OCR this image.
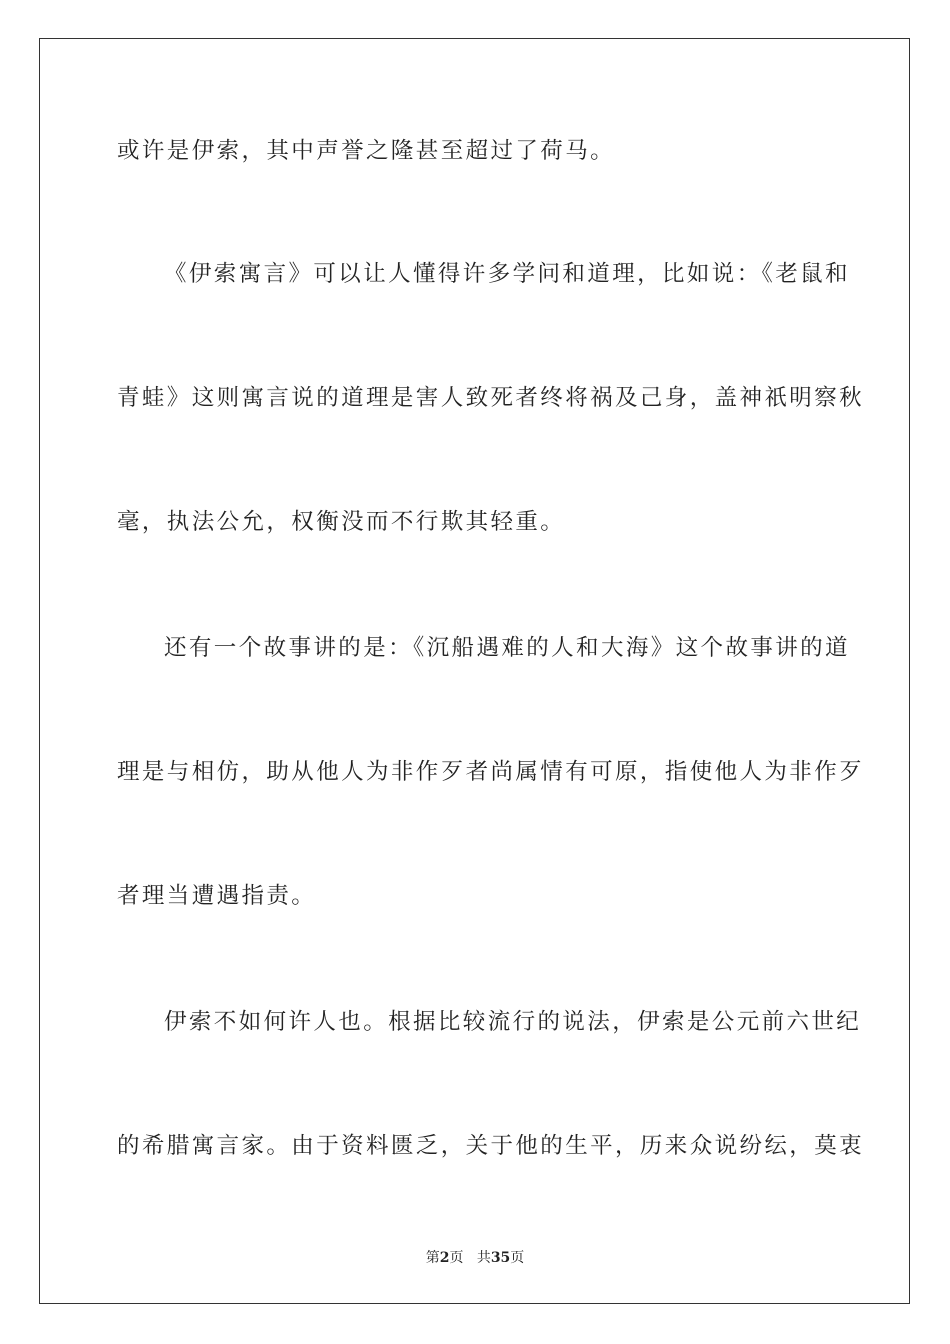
或许是伊索，其中声誉之隆甚至超过了荷马。
《伊索寓言》可以让人懂得许多学问和道理，比如说：《老鼠和
青蛙》这则寓言说的道理是害人致死者终将祸及己身，盖神祇明察秋
毫，执法公允，权衡没而不行欺其轻重。
还有一个故事讲的是：《沉船遇难的人和大海》这个故事讲的道
理是与相仿，助从他人为非作歹者尚属情有可原，指使他人为非作歹
者理当遭遇指责。
伊索不如何许人也。根据比较流行的说法，伊索是公元前六世纪
的希腊寓言家。由于资料匮乏，关于他的生平，历来众说纷纭，莫衷
第2页 共35页
